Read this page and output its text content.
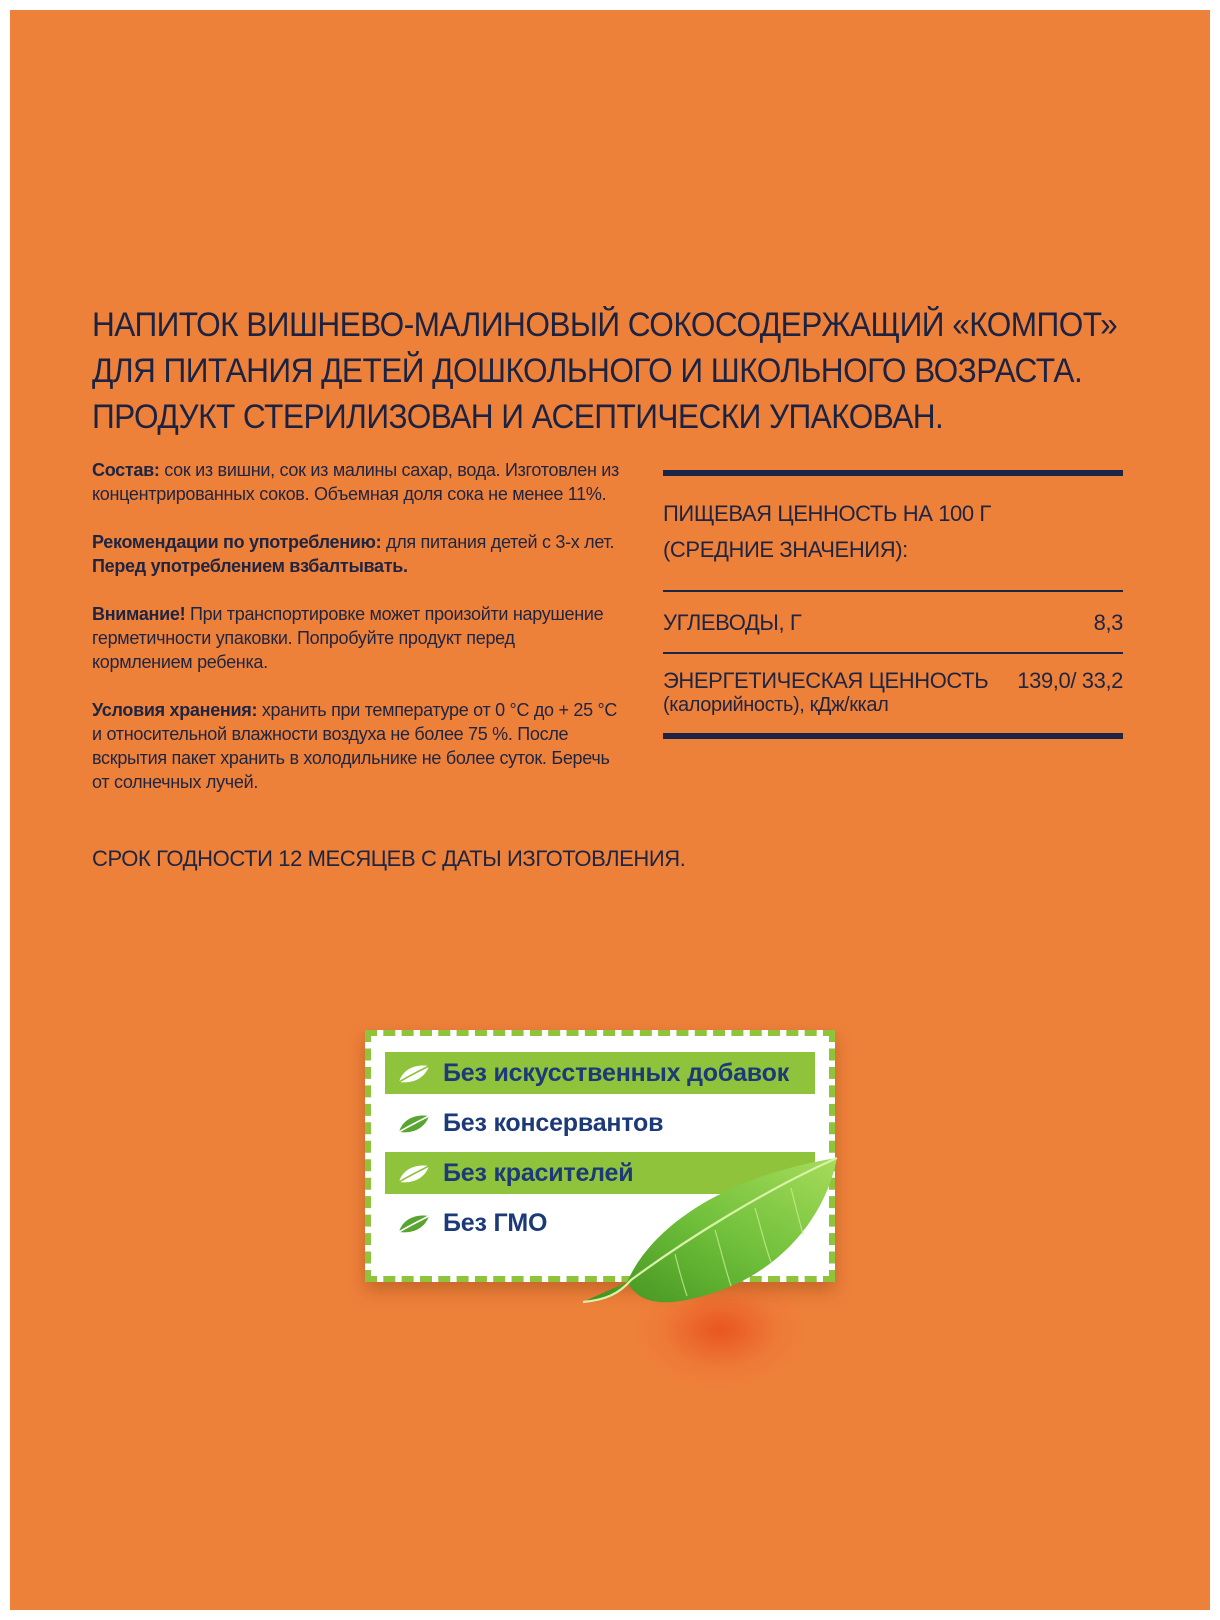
НАПИТОК ВИШНЕВО-МАЛИНОВЫЙ СОКОСОДЕРЖАЩИЙ «КОМПОТ»
ДЛЯ ПИТАНИЯ ДЕТЕЙ ДОШКОЛЬНОГО И ШКОЛЬНОГО ВОЗРАСТА.
ПРОДУКТ СТЕРИЛИЗОВАН И АСЕПТИЧЕСКИ УПАКОВАН.

Состав: сок из вишни, сок из малины сахар, вода. Изготовлен из
концентрированных соков. Объемная доля сока не менее 11%.

Рекомендации по употреблению: для питания детей с 3-х лет.
Перед употреблением взбалтывать.

Внимание! При транспортировке может произойти нарушение
герметичности упаковки. Попробуйте продукт перед
кормлением ребенка.

Условия хранения: хранить при температуре от 0 °С до + 25 °С
и относительной влажности воздуха не более 75 %. После
вскрытия пакет хранить в холодильнике не более суток. Беречь
от солнечных лучей.

СРОК ГОДНОСТИ 12 МЕСЯЦЕВ С ДАТЫ ИЗГОТОВЛЕНИЯ.
ПИЩЕВАЯ ЦЕННОСТЬ НА 100 Г
(СРЕДНИЕ ЗНАЧЕНИЯ):
УГЛЕВОДЫ, Г	8,3
ЭНЕРГЕТИЧЕСКАЯ ЦЕННОСТЬ
(калорийность), кДж/ккал
139,0/ 33,2
Без искусственных добавок
Без консервантов
Без красителей
Без ГМО
